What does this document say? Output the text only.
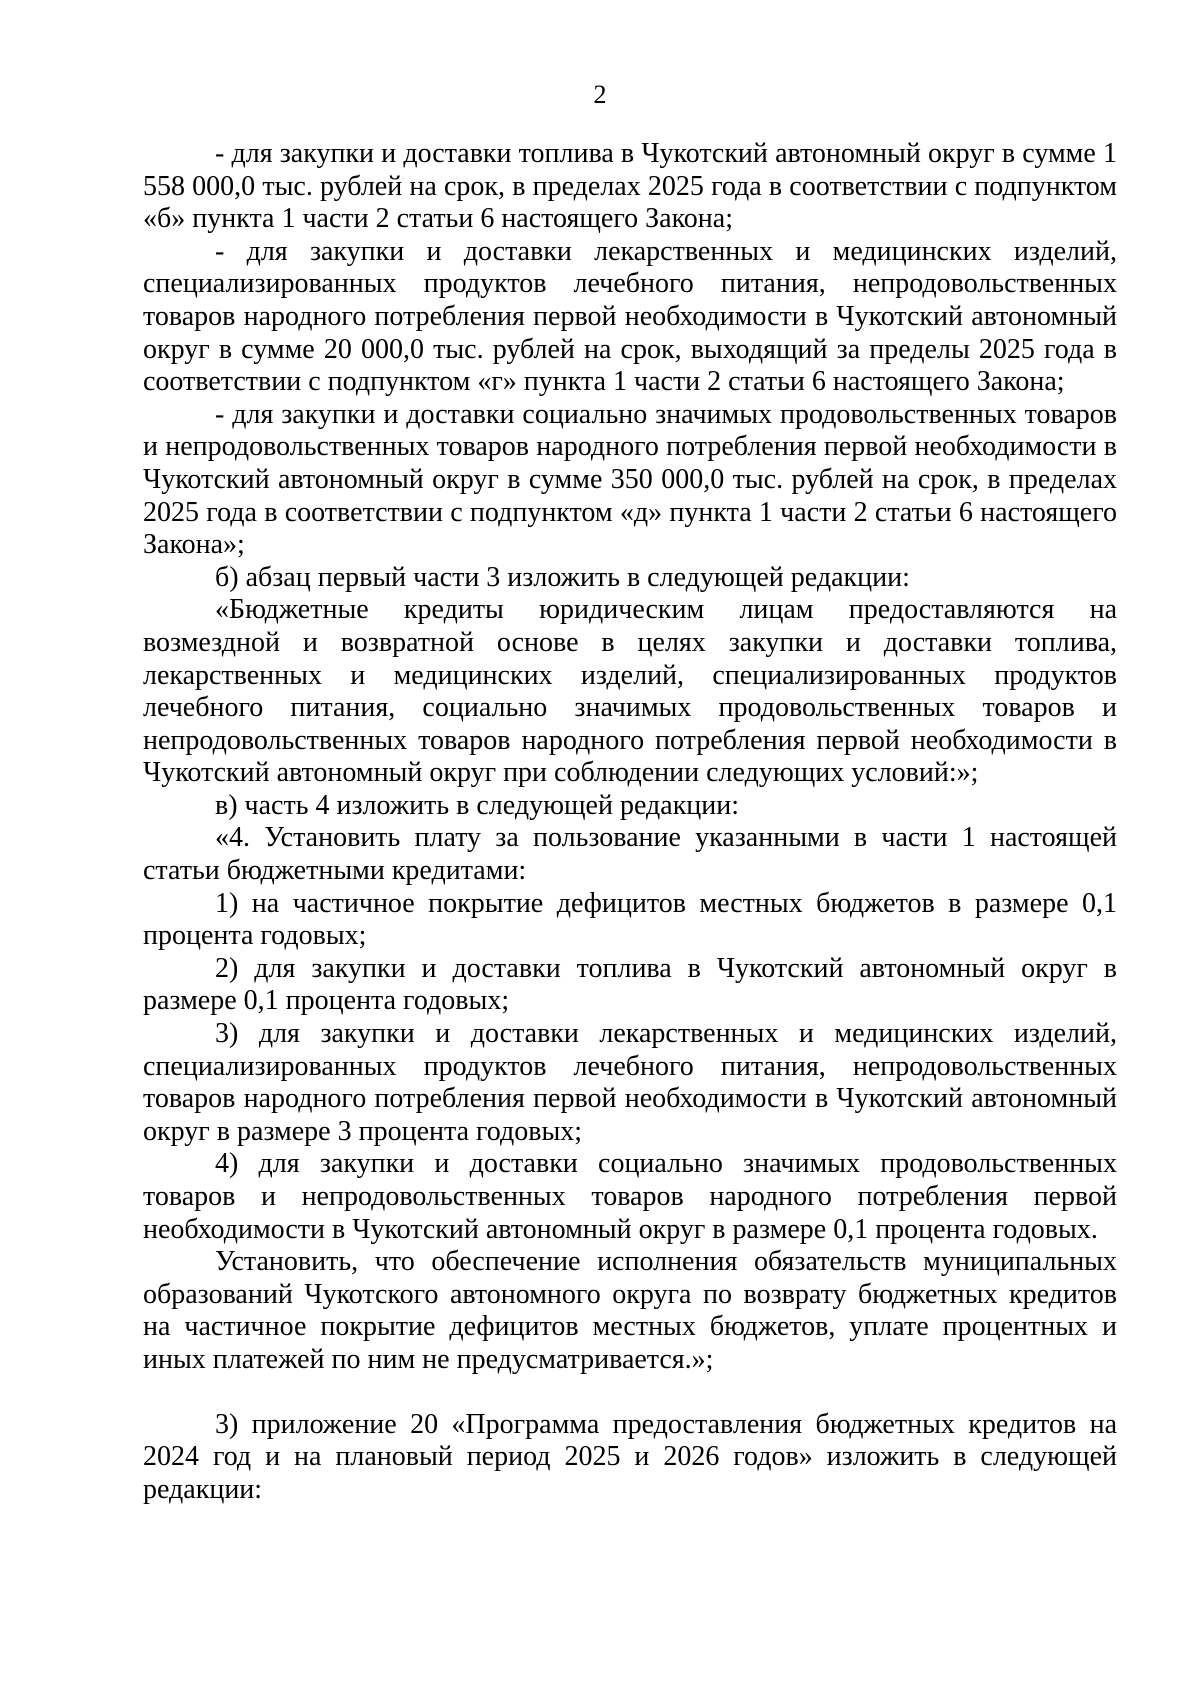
2

- для закупки и доставки топлива в Чукотский автономный округ в сумме 1 558 000,0 тыс. рублей на срок, в пределах 2025 года в соответствии с подпунктом «б» пункта 1 части 2 статьи 6 настоящего Закона;

- для закупки и доставки лекарственных и медицинских изделий, специализированных продуктов лечебного питания, непродовольственных товаров народного потребления первой необходимости в Чукотский автономный округ в сумме 20 000,0 тыс. рублей на срок, выходящий за пределы 2025 года в соответствии с подпунктом «г» пункта 1 части 2 статьи 6 настоящего Закона;

- для закупки и доставки социально значимых продовольственных товаров и непродовольственных товаров народного потребления первой необходимости в Чукотский автономный округ в сумме 350 000,0 тыс. рублей на срок, в пределах 2025 года в соответствии с подпунктом «д» пункта 1 части 2 статьи 6 настоящего Закона»;

б) абзац первый части 3 изложить в следующей редакции:

«Бюджетные кредиты юридическим лицам предоставляются на возмездной и возвратной основе в целях закупки и доставки топлива, лекарственных и медицинских изделий, специализированных продуктов лечебного питания, социально значимых продовольственных товаров и непродовольственных товаров народного потребления первой необходимости в Чукотский автономный округ при соблюдении следующих условий:»;

в) часть 4 изложить в следующей редакции:

«4. Установить плату за пользование указанными в части 1 настоящей статьи бюджетными кредитами:

1) на частичное покрытие дефицитов местных бюджетов в размере 0,1 процента годовых;

2) для закупки и доставки топлива в Чукотский автономный округ в размере 0,1 процента годовых;

3) для закупки и доставки лекарственных и медицинских изделий, специализированных продуктов лечебного питания, непродовольственных товаров народного потребления первой необходимости в Чукотский автономный округ в размере 3 процента годовых;

4) для закупки и доставки социально значимых продовольственных товаров и непродовольственных товаров народного потребления первой необходимости в Чукотский автономный округ в размере 0,1 процента годовых.

Установить, что обеспечение исполнения обязательств муниципальных образований Чукотского автономного округа по возврату бюджетных кредитов на частичное покрытие дефицитов местных бюджетов, уплате процентных и иных платежей по ним не предусматривается.»;

3) приложение 20 «Программа предоставления бюджетных кредитов на 2024 год и на плановый период 2025 и 2026 годов» изложить в следующей редакции:
